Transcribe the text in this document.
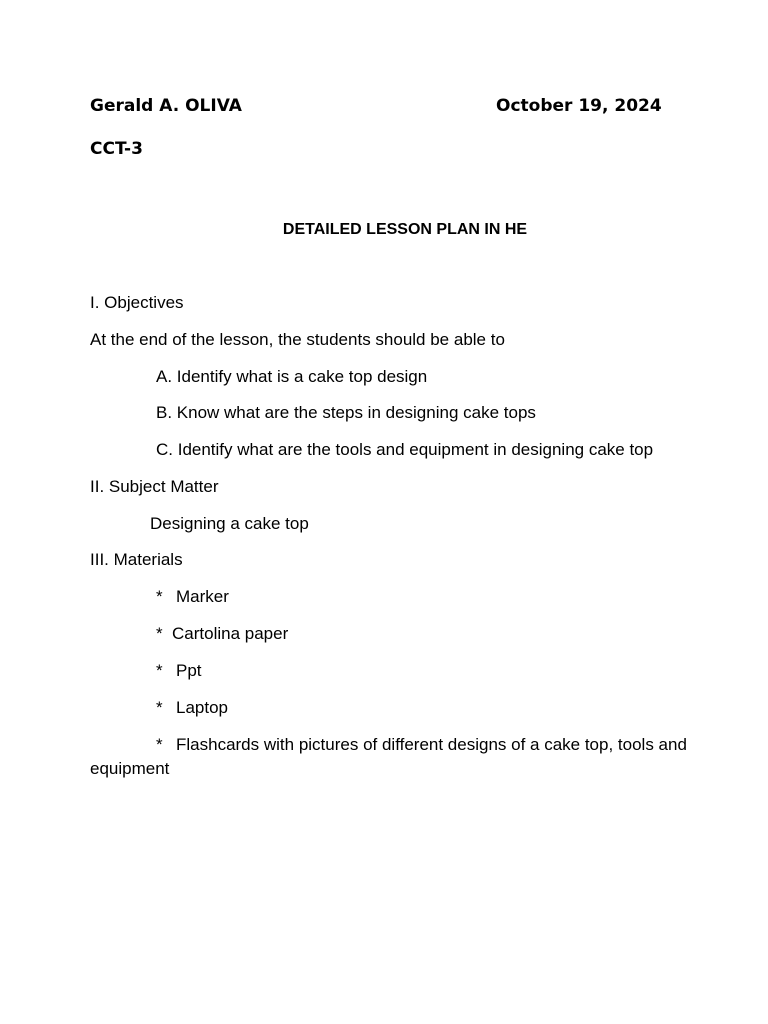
Gerald A. OLIVA	October 19, 2024
CCT-3
DETAILED LESSON PLAN IN HE
I. Objectives
At the end of the lesson, the students should be able to
A. Identify what is a cake top design
B. Know what are the steps in designing cake tops
C. Identify what are the tools and equipment in designing cake top
II. Subject Matter
Designing a cake top
III. Materials
* Marker
* Cartolina paper
* Ppt
* Laptop
* Flashcards with pictures of different designs of a cake top, tools and equipment
